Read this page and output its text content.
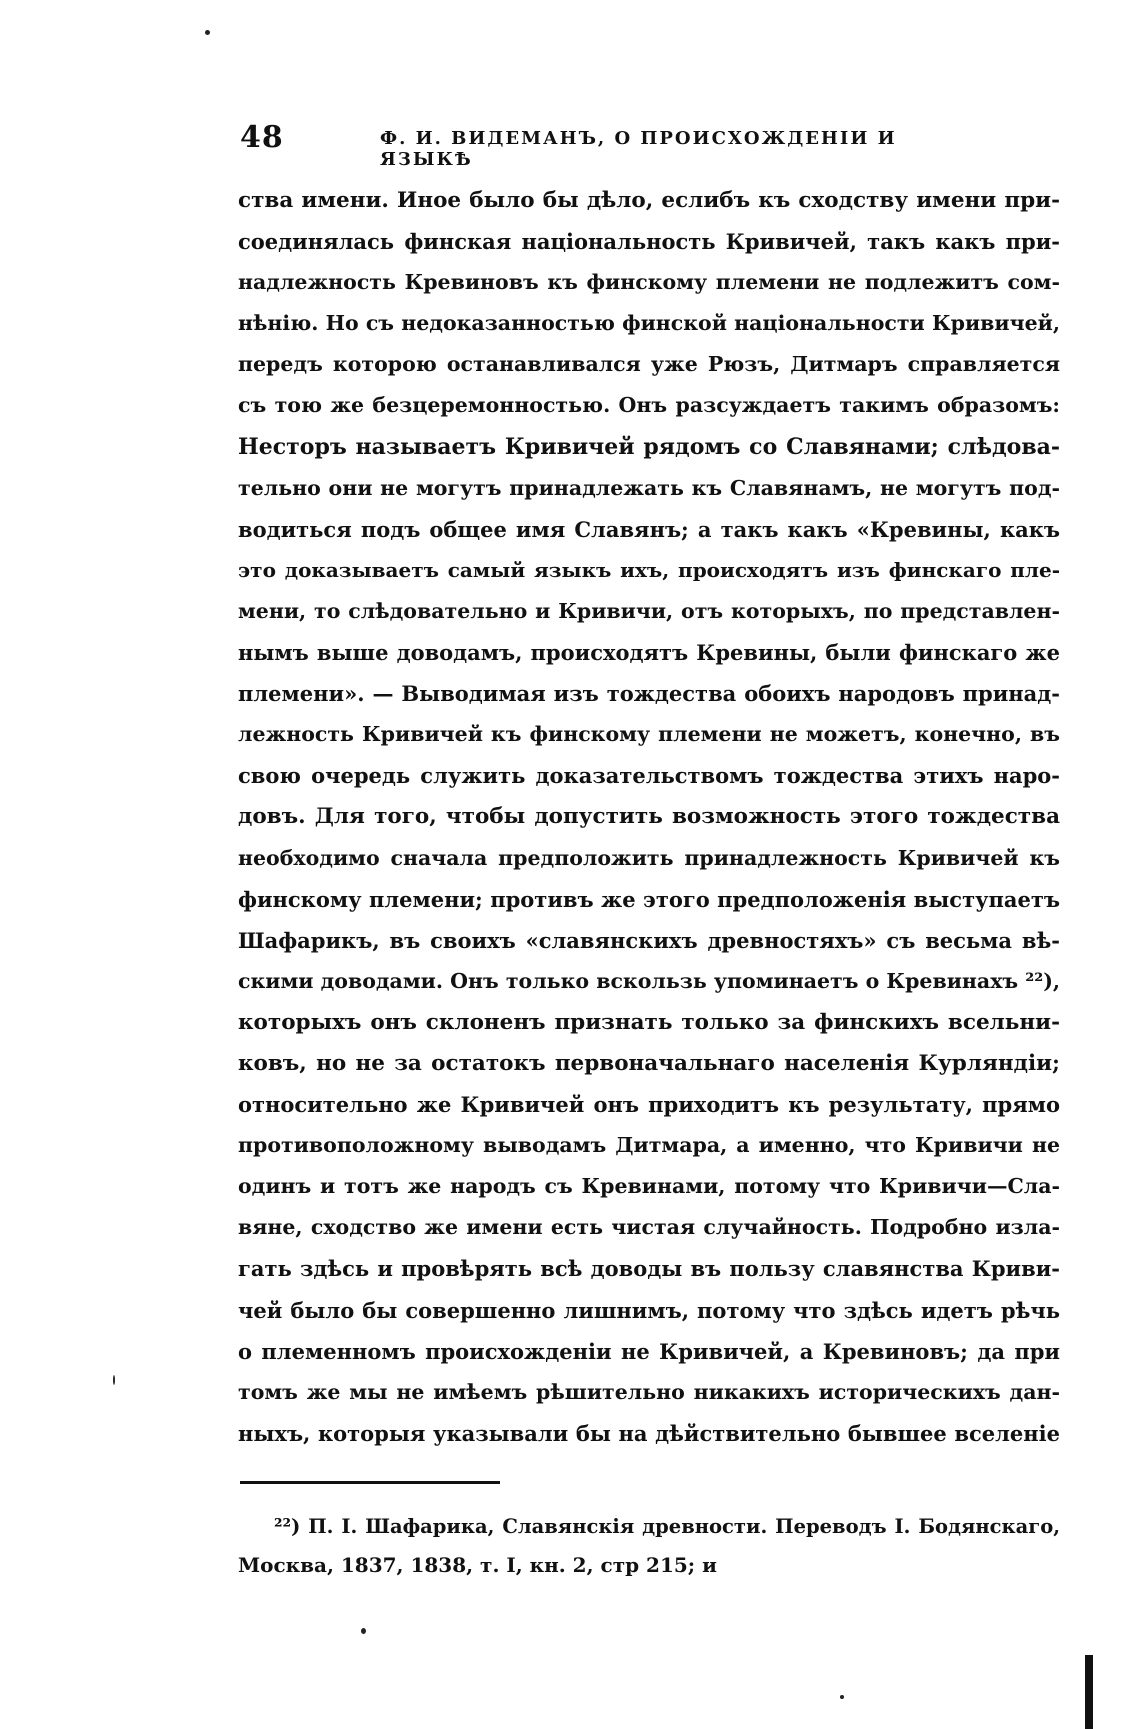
48	Ф. И. ВИДЕМАНЪ, О ПРОИСХОЖДЕНІИ И ЯЗЫКѢ
ства имени. Иное было бы дѣло, еслибъ къ сходству имени при-
соединялась финская національность Кривичей, такъ какъ при-
надлежность Кревиновъ къ финскому племени не подлежитъ сом-
нѣнію. Но съ недоказанностью финской національности Кривичей,
передъ которою останавливался уже Рюзъ, Дитмаръ справляется
съ тою же безцеремонностью. Онъ разсуждаетъ такимъ образомъ:
Несторъ называетъ Кривичей рядомъ со Славянами; слѣдова-
тельно они не могутъ принадлежать къ Славянамъ, не могутъ под-
водиться подъ общее имя Славянъ; а такъ какъ «Кревины, какъ
это доказываетъ самый языкъ ихъ, происходятъ изъ финскаго пле-
мени, то слѣдовательно и Кривичи, отъ которыхъ, по представлен-
нымъ выше доводамъ, происходятъ Кревины, были финскаго же
племени». — Выводимая изъ тождества обоихъ народовъ принад-
лежность Кривичей къ финскому племени не можетъ, конечно, въ
свою очередь служить доказательствомъ тождества этихъ наро-
довъ. Для того, чтобы допустить возможность этого тождества
необходимо сначала предположить принадлежность Кривичей къ
финскому племени; противъ же этого предположенія выступаетъ
Шафарикъ, въ своихъ «славянскихъ древностяхъ» съ весьма вѣ-
скими доводами. Онъ только вскользь упоминаетъ о Кревинахъ ²²),
которыхъ онъ склоненъ признать только за финскихъ всельни-
ковъ, но не за остатокъ первоначальнаго населенія Курляндіи;
относительно же Кривичей онъ приходитъ къ результату, прямо
противоположному выводамъ Дитмара, а именно, что Кривичи не
одинъ и тотъ же народъ съ Кревинами, потому что Кривичи—Сла-
вяне, сходство же имени есть чистая случайность. Подробно изла-
гать здѣсь и провѣрять всѣ доводы въ пользу славянства Криви-
чей было бы совершенно лишнимъ, потому что здѣсь идетъ рѣчь
о племенномъ происхожденіи не Кривичей, а Кревиновъ; да при
томъ же мы не имѣемъ рѣшительно никакихъ историческихъ дан-
ныхъ, которыя указывали бы на дѣйствительно бывшее вселеніе
²²) П. І. Шафарика, Славянскія древности. Переводъ І. Бодянскаго,
Москва, 1837, 1838, т. І, кн. 2, стр 215; и
